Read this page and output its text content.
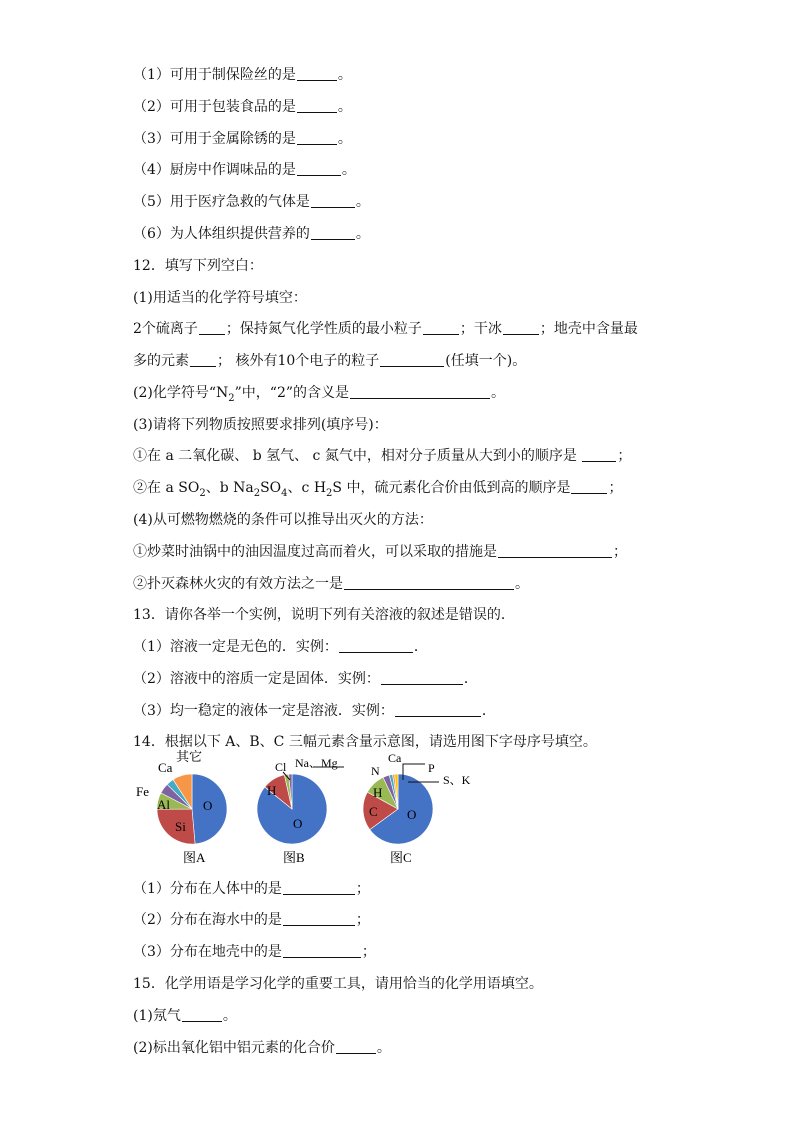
（1）可用于制保险丝的是	。
（2）可用于包装食品的是	。
（3）可用于金属除锈的是	。
（4）厨房中作调味品的是	。
（5）用于医疗急救的气体是	。
（6）为人体组织提供营养的	。
12．填写下列空白：
(1)用适当的化学符号填空：
2个硫离子 ；保持氮气化学性质的最小粒子	；干冰	；地壳中含量最
多的元素 ； 核外有10个电子的粒子	(任填一个)。
(2)化学符号“$N_2$”中，“2”的含义是	。
(3)请将下列物质按照要求排列(填序号)：
①在 a 二氧化碳、 b 氢气、 c 氮气中，相对分子质量从大到小的顺序是	；
②在 a $SO_2$、b $Na_2SO_4$、c $H_2S$ 中，硫元素化合价由低到高的顺序是	；
(4)从可燃物燃烧的条件可以推导出灭火的方法：
①炒菜时油锅中的油因温度过高而着火，可以采取的措施是	；
②扑灭森林火灾的有效方法之一是	。
13．请你各举一个实例，说明下列有关溶液的叙述是错误的．
（1）溶液一定是无色的．实例：	．
（2）溶液中的溶质一定是固体．实例：	．
（3）均一稳定的液体一定是溶液．实例：	．
14．根据以下 A、B、C 三幅元素含量示意图，请选用图下字母序号填空。
其它
Ca
Fe
Al
Si
O
图A
Na、Mg
Cl
H
O
图B
Ca
P
S、K
N
H
C O
图C
（1）分布在人体中的是	；
（2）分布在海水中的是	；
（3）分布在地壳中的是	；
15．化学用语是学习化学的重要工具，请用恰当的化学用语填空。
(1)氖气	。
(2)标出氧化铝中铝元素的化合价	。
